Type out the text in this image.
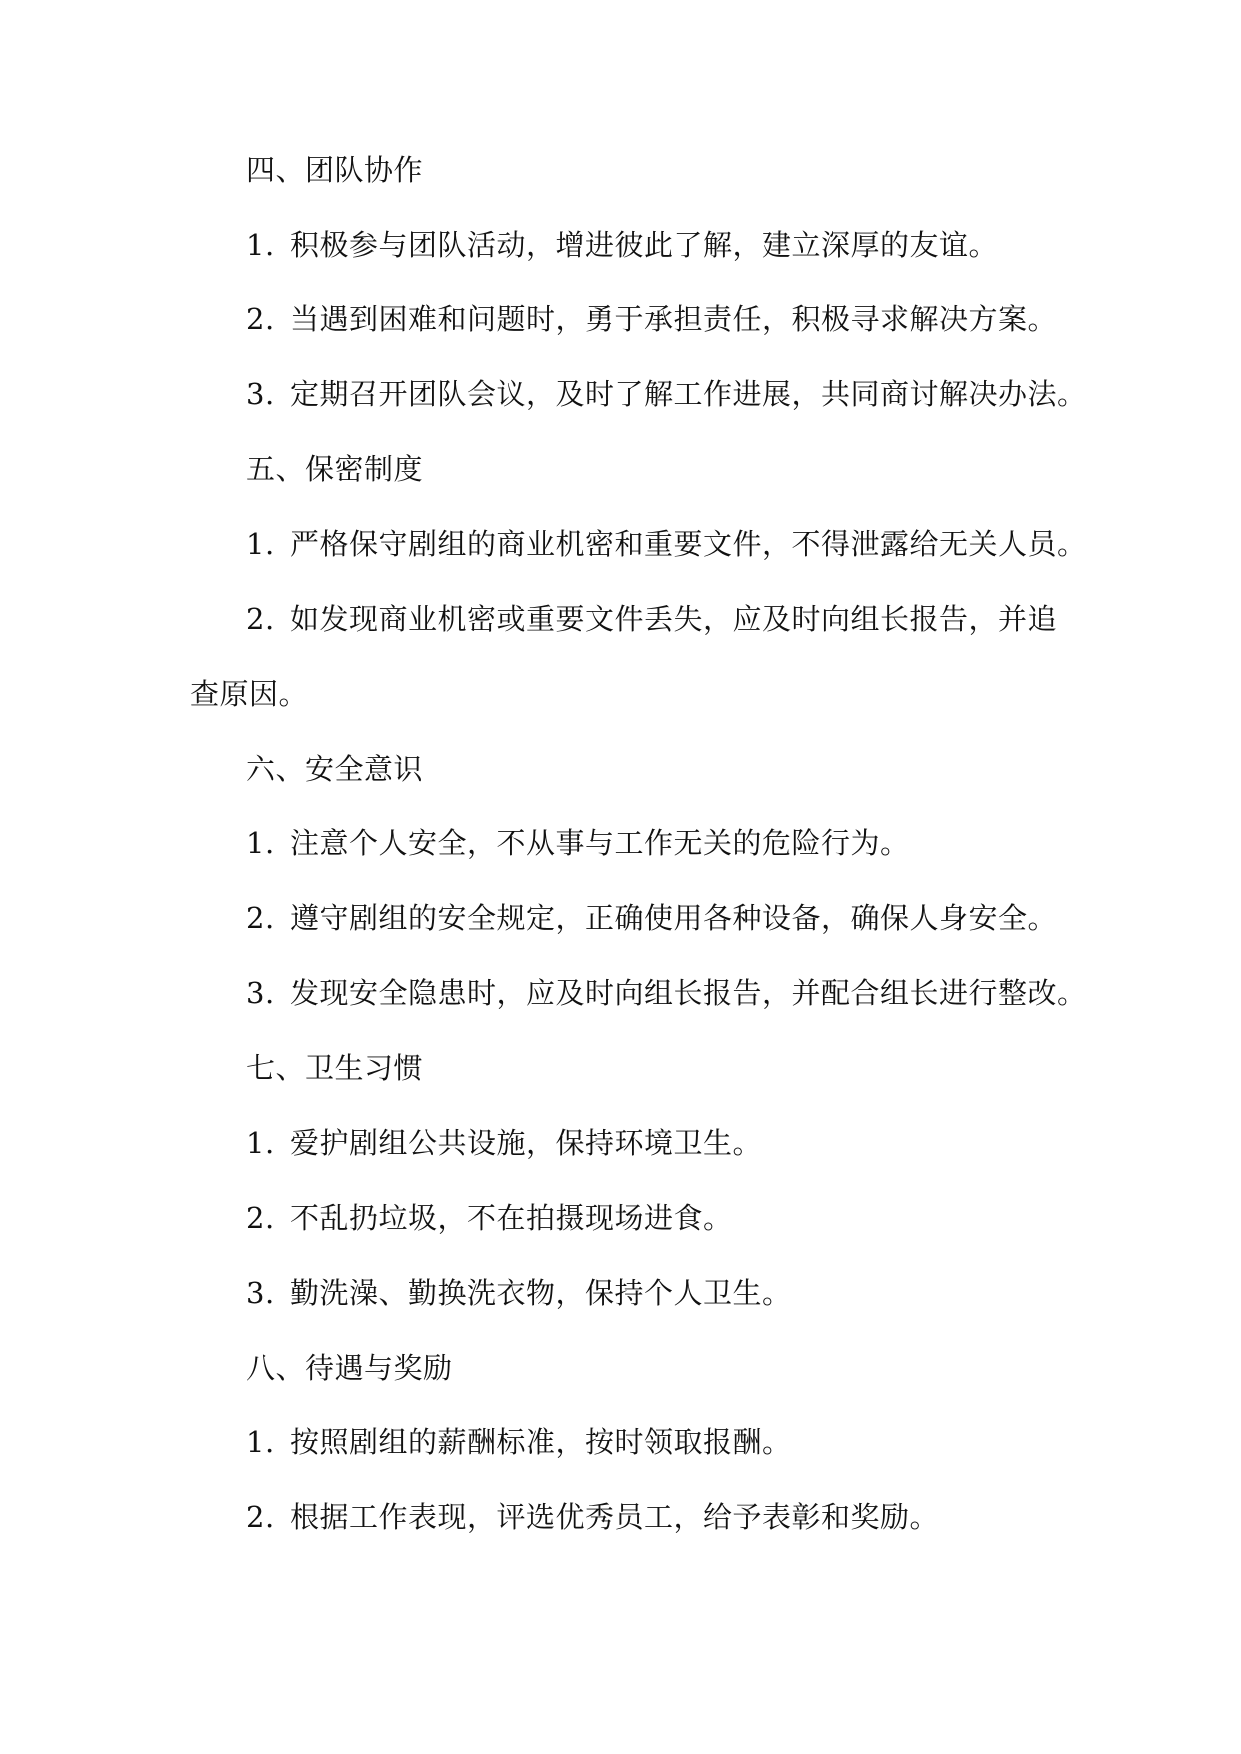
四、团队协作

1. 积极参与团队活动，增进彼此了解，建立深厚的友谊。

2. 当遇到困难和问题时，勇于承担责任，积极寻求解决方案。

3. 定期召开团队会议，及时了解工作进展，共同商讨解决办法。

五、保密制度

1. 严格保守剧组的商业机密和重要文件，不得泄露给无关人员。

2. 如发现商业机密或重要文件丢失，应及时向组长报告，并追

查原因。

六、安全意识

1. 注意个人安全，不从事与工作无关的危险行为。

2. 遵守剧组的安全规定，正确使用各种设备，确保人身安全。

3. 发现安全隐患时，应及时向组长报告，并配合组长进行整改。

七、卫生习惯

1. 爱护剧组公共设施，保持环境卫生。

2. 不乱扔垃圾，不在拍摄现场进食。

3. 勤洗澡、勤换洗衣物，保持个人卫生。

八、待遇与奖励

1. 按照剧组的薪酬标准，按时领取报酬。

2. 根据工作表现，评选优秀员工，给予表彰和奖励。
